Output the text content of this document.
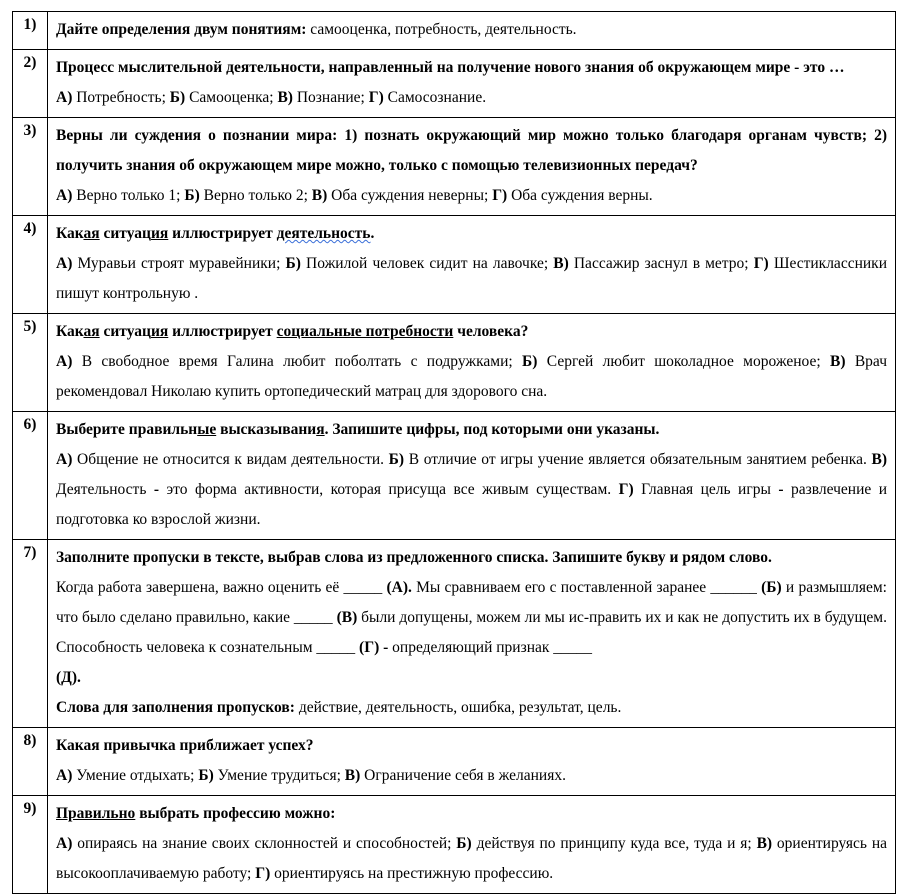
1)	Дайте определения двум понятиям: самооценка, потребность, деятельность.

2)	Процесс мыслительной деятельности, направленный на получение нового знания об окружающем мире - это …
А) Потребность; Б) Самооценка; В) Познание; Г) Самосознание.

3)	Верны ли суждения о познании мира: 1) познать окружающий мир можно только благодаря органам чувств; 2) получить знания об окружающем мире можно, только с помощью телевизионных передач?
А) Верно только 1; Б) Верно только 2; В) Оба суждения неверны; Г) Оба суждения верны.

4)	Какая ситуация иллюстрирует деятельность.
А) Муравьи строят муравейники; Б) Пожилой человек сидит на лавочке; В) Пассажир заснул в метро; Г) Шестиклассники пишут контрольную .

5)	Какая ситуация иллюстрирует социальные потребности человека?
А) В свободное время Галина любит поболтать с подружками; Б) Сергей любит шоколадное мороженое; В) Врач рекомендовал Николаю купить ортопедический матрац для здорового сна.

6)	Выберите правильные высказывания. Запишите цифры, под которыми они указаны.
А) Общение не относится к видам деятельности. Б) В отличие от игры учение является обязательным занятием ребенка. В) Деятельность - это форма активности, которая присуща все живым существам. Г) Главная цель игры - развлечение и подготовка ко взрослой жизни.

7)	Заполните пропуски в тексте, выбрав слова из предложенного списка. Запишите букву и рядом слово.
Когда работа завершена, важно оценить её _____ (А). Мы сравниваем его с поставленной заранее ______ (Б) и размышляем: что было сделано правильно, какие _____ (В) были допущены, можем ли мы ис-править их и как не допустить их в будущем. Способность человека к сознательным _____ (Г) - определяющий признак _____
(Д).
Слова для заполнения пропусков: действие, деятельность, ошибка, результат, цель.

8)	Какая привычка приближает успех?
А) Умение отдыхать; Б) Умение трудиться; В) Ограничение себя в желаниях.

9)	Правильно выбрать профессию можно:
А) опираясь на знание своих склонностей и способностей; Б) действуя по принципу куда все, туда и я; В) ориентируясь на высокооплачиваемую работу; Г) ориентируясь на престижную профессию.
